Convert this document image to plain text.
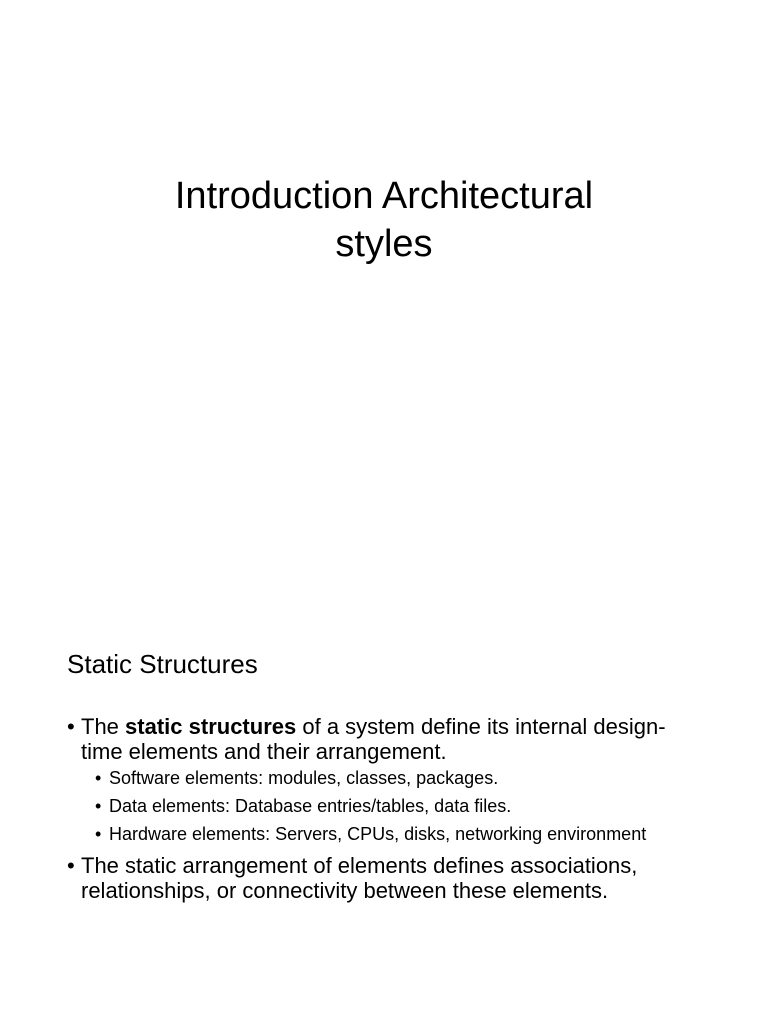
Introduction Architectural
styles
Static Structures
• The static structures of a system define its internal design-time elements and their arrangement.
• Software elements: modules, classes, packages.
• Data elements: Database entries/tables, data files.
• Hardware elements: Servers, CPUs, disks, networking environment
• The static arrangement of elements defines associations, relationships, or connectivity between these elements.
